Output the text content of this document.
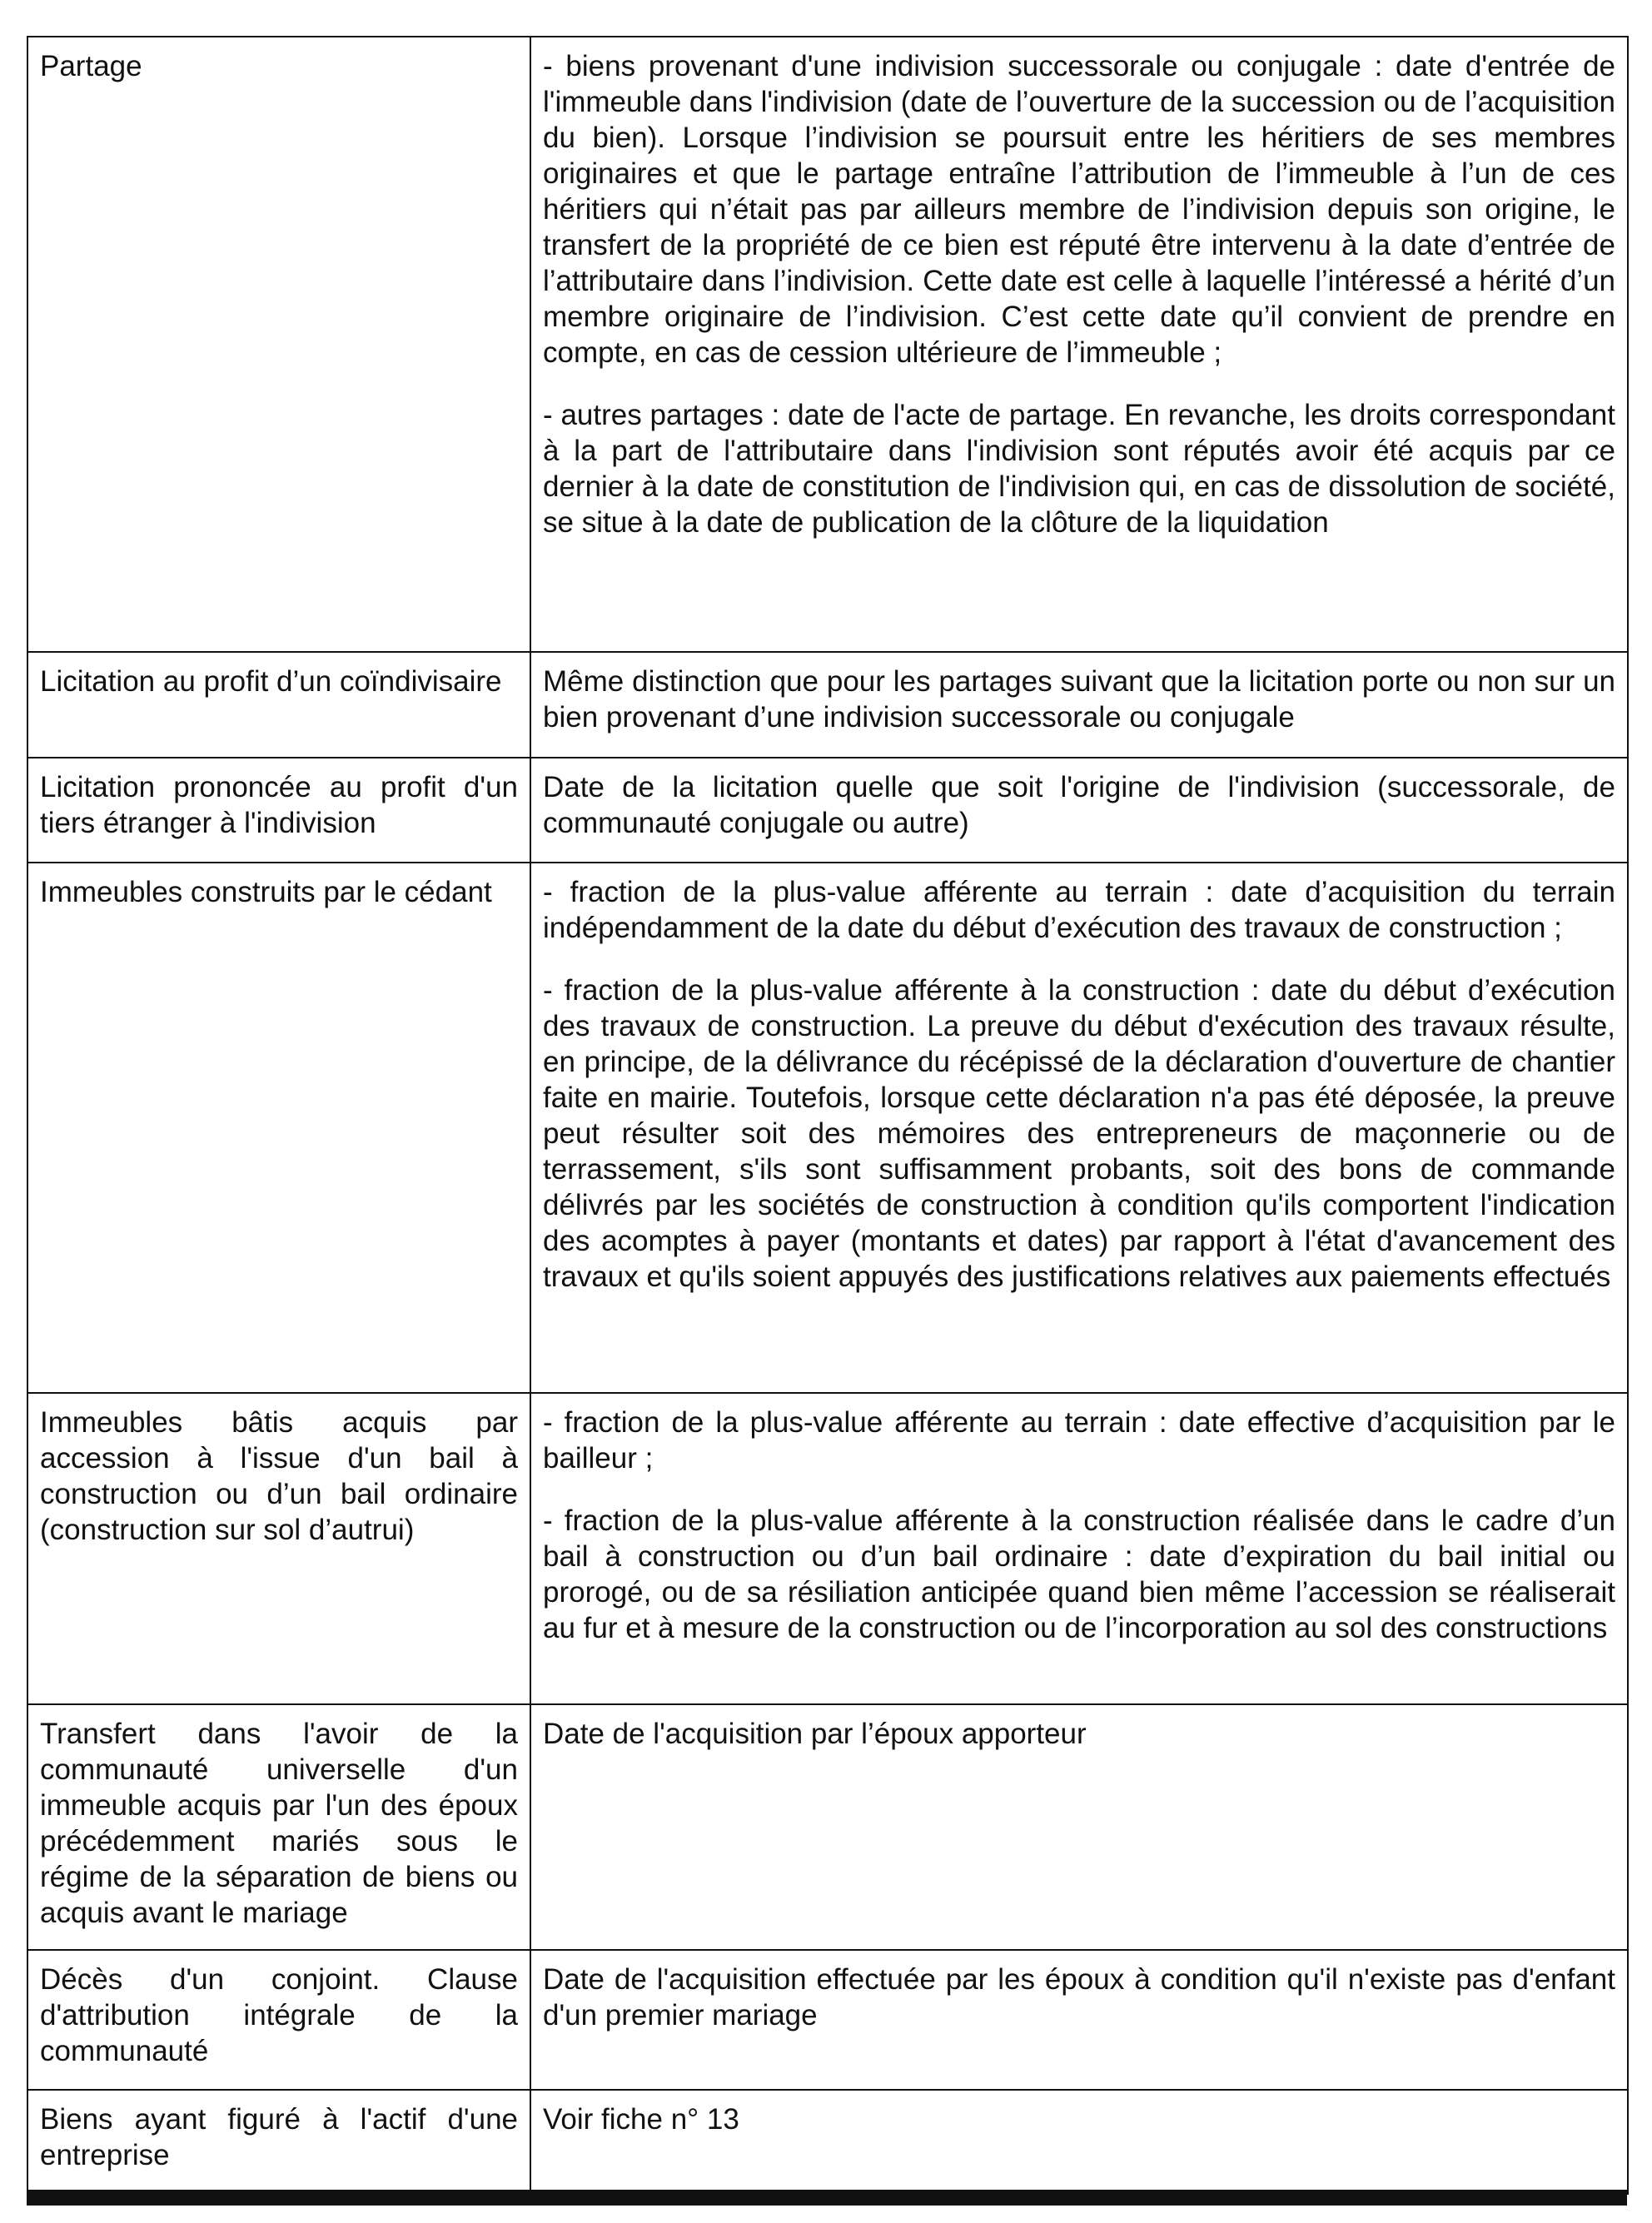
Partage	- biens provenant d'une indivision successorale ou conjugale : date d'entrée de l'immeuble dans l'indivision (date de l’ouverture de la succession ou de l’acquisition du bien). Lorsque l’indivision se poursuit entre les héritiers de ses membres originaires et que le partage entraîne l’attribution de l’immeuble à l’un de ces héritiers qui n’était pas par ailleurs membre de l’indivision depuis son origine, le transfert de la propriété de ce bien est réputé être intervenu à la date d’entrée de l’attributaire dans l’indivision. Cette date est celle à laquelle l’intéressé a hérité d’un membre originaire de l’indivision. C’est cette date qu’il convient de prendre en compte, en cas de cession ultérieure de l’immeuble ;

- autres partages : date de l'acte de partage. En revanche, les droits correspondant à la part de l'attributaire dans l'indivision sont réputés avoir été acquis par ce dernier à la date de constitution de l'indivision qui, en cas de dissolution de société, se situe à la date de publication de la clôture de la liquidation

Licitation au profit d’un coïndivisaire	Même distinction que pour les partages suivant que la licitation porte ou non sur un bien provenant d’une indivision successorale ou conjugale

Licitation prononcée au profit d'un tiers étranger à l'indivision	Date de la licitation quelle que soit l'origine de l'indivision (successorale, de communauté conjugale ou autre)

Immeubles construits par le cédant	- fraction de la plus-value afférente au terrain : date d’acquisition du terrain indépendamment de la date du début d’exécution des travaux de construction ;

- fraction de la plus-value afférente à la construction : date du début d’exécution des travaux de construction. La preuve du début d'exécution des travaux résulte, en principe, de la délivrance du récépissé de la déclaration d'ouverture de chantier faite en mairie. Toutefois, lorsque cette déclaration n'a pas été déposée, la preuve peut résulter soit des mémoires des entrepreneurs de maçonnerie ou de terrassement, s'ils sont suffisamment probants, soit des bons de commande délivrés par les sociétés de construction à condition qu'ils comportent l'indication des acomptes à payer (montants et dates) par rapport à l'état d'avancement des travaux et qu'ils soient appuyés des justifications relatives aux paiements effectués

Immeubles bâtis acquis par accession à l'issue d'un bail à construction ou d’un bail ordinaire (construction sur sol d’autrui)	- fraction de la plus-value afférente au terrain : date effective d’acquisition par le bailleur ;

- fraction de la plus-value afférente à la construction réalisée dans le cadre d’un bail à construction ou d’un bail ordinaire : date d’expiration du bail initial ou prorogé, ou de sa résiliation anticipée quand bien même l’accession se réaliserait au fur et à mesure de la construction ou de l’incorporation au sol des constructions

Transfert dans l'avoir de la communauté universelle d'un immeuble acquis par l'un des époux précédemment mariés sous le régime de la séparation de biens ou acquis avant le mariage	Date de l'acquisition par l’époux apporteur

Décès d'un conjoint. Clause d'attribution intégrale de la communauté	Date de l'acquisition effectuée par les époux à condition qu'il n'existe pas d'enfant d'un premier mariage

Biens ayant figuré à l'actif d'une entreprise	Voir fiche n° 13
